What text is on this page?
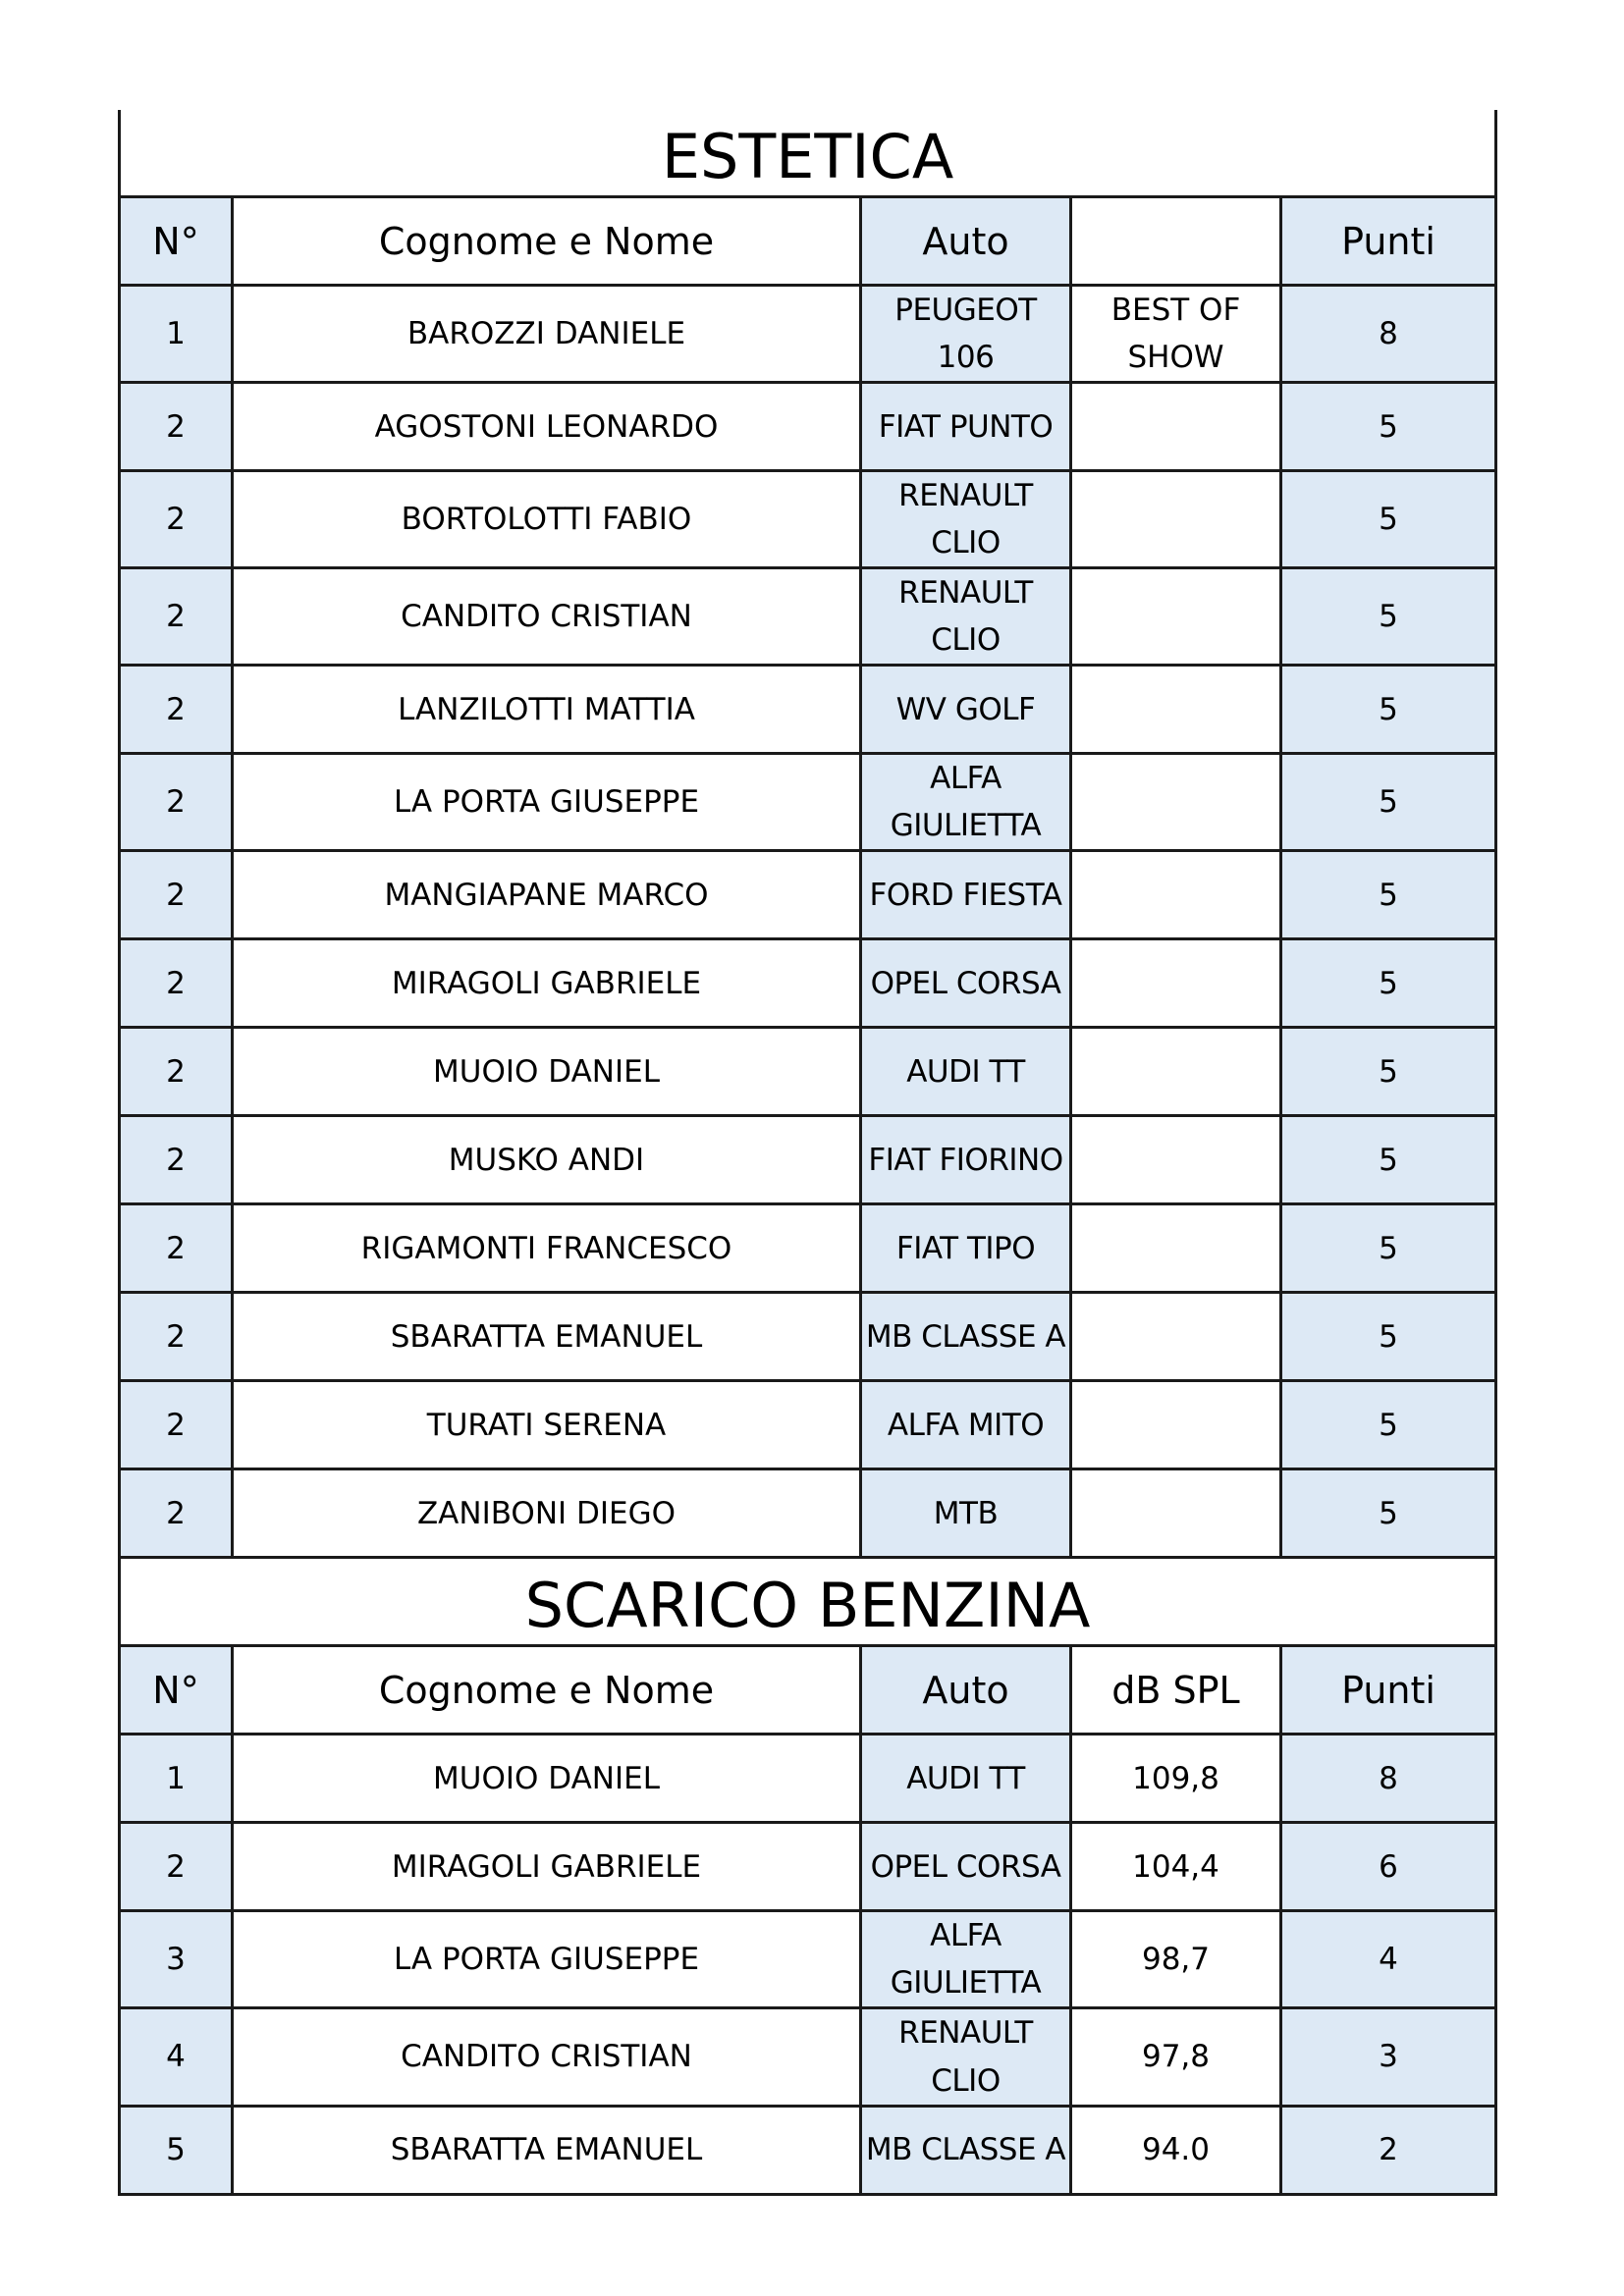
ESTETICA				
N°	Cognome e Nome	Auto		Punti
1	BAROZZI DANIELE	PEUGEOT 106	BEST OF SHOW	8
2	AGOSTONI LEONARDO	FIAT PUNTO		5
2	BORTOLOTTI FABIO	RENAULT CLIO		5
2	CANDITO CRISTIAN	RENAULT CLIO		5
2	LANZILOTTI MATTIA	WV GOLF		5
2	LA PORTA GIUSEPPE	ALFA GIULIETTA		5
2	MANGIAPANE MARCO	FORD FIESTA		5
2	MIRAGOLI GABRIELE	OPEL CORSA		5
2	MUOIO DANIEL	AUDI TT		5
2	MUSKO ANDI	FIAT FIORINO		5
2	RIGAMONTI FRANCESCO	FIAT TIPO		5
2	SBARATTA EMANUEL	MB CLASSE A		5
2	TURATI SERENA	ALFA MITO		5
2	ZANIBONI DIEGO	MTB		5
SCARICO BENZINA				
N°	Cognome e Nome	Auto	dB SPL	Punti
1	MUOIO DANIEL	AUDI TT	109,8	8
2	MIRAGOLI GABRIELE	OPEL CORSA	104,4	6
3	LA PORTA GIUSEPPE	ALFA GIULIETTA	98,7	4
4	CANDITO CRISTIAN	RENAULT CLIO	97,8	3
5	SBARATTA EMANUEL	MB CLASSE A	94.0	2
